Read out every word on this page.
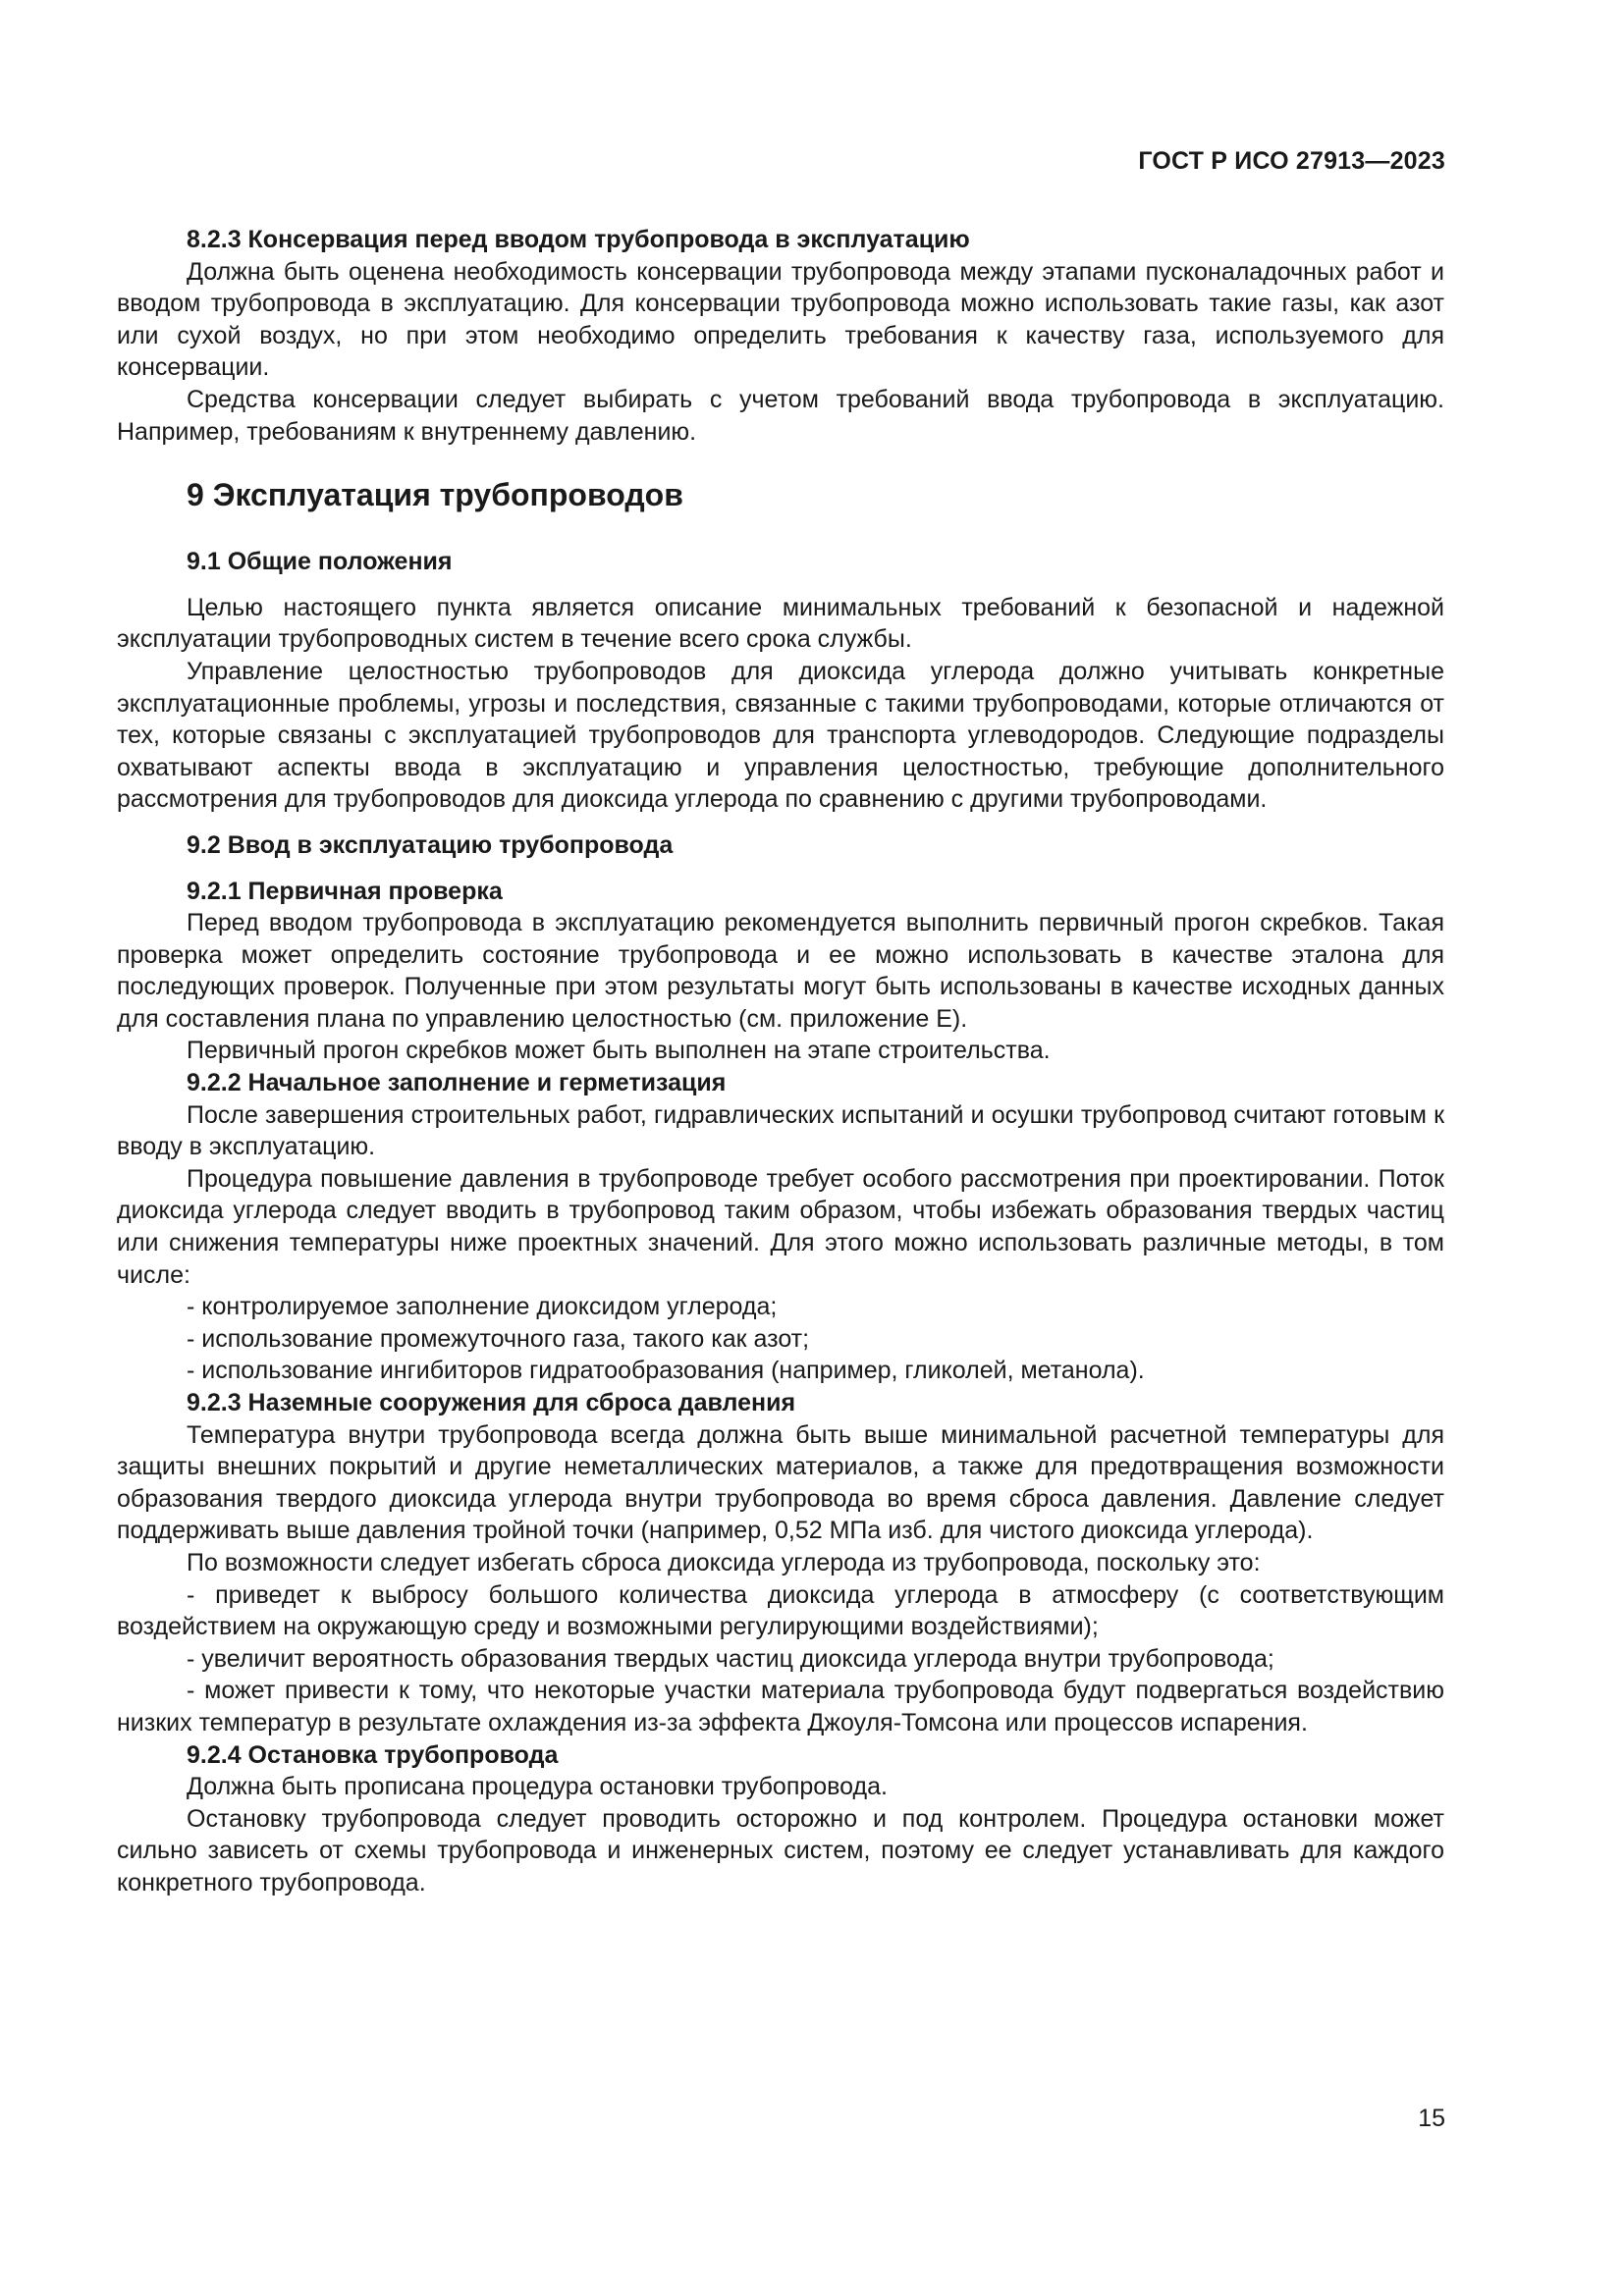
ГОСТ Р ИСО 27913—2023

8.2.3 Консервация перед вводом трубопровода в эксплуатацию

Должна быть оценена необходимость консервации трубопровода между этапами пусконаладочных работ и вводом трубопровода в эксплуатацию. Для консервации трубопровода можно использовать такие газы, как азот или сухой воздух, но при этом необходимо определить требования к качеству газа, используемого для консервации.

Средства консервации следует выбирать с учетом требований ввода трубопровода в эксплуатацию. Например, требованиям к внутреннему давлению.

9 Эксплуатация трубопроводов

9.1 Общие положения

Целью настоящего пункта является описание минимальных требований к безопасной и надежной эксплуатации трубопроводных систем в течение всего срока службы.

Управление целостностью трубопроводов для диоксида углерода должно учитывать конкретные эксплуатационные проблемы, угрозы и последствия, связанные с такими трубопроводами, которые отличаются от тех, которые связаны с эксплуатацией трубопроводов для транспорта углеводородов. Следующие подразделы охватывают аспекты ввода в эксплуатацию и управления целостностью, требующие дополнительного рассмотрения для трубопроводов для диоксида углерода по сравнению с другими трубопроводами.

9.2 Ввод в эксплуатацию трубопровода

9.2.1 Первичная проверка

Перед вводом трубопровода в эксплуатацию рекомендуется выполнить первичный прогон скребков. Такая проверка может определить состояние трубопровода и ее можно использовать в качестве эталона для последующих проверок. Полученные при этом результаты могут быть использованы в качестве исходных данных для составления плана по управлению целостностью (см. приложение Е).

Первичный прогон скребков может быть выполнен на этапе строительства.

9.2.2 Начальное заполнение и герметизация

После завершения строительных работ, гидравлических испытаний и осушки трубопровод считают готовым к вводу в эксплуатацию.

Процедура повышение давления в трубопроводе требует особого рассмотрения при проектировании. Поток диоксида углерода следует вводить в трубопровод таким образом, чтобы избежать образования твердых частиц или снижения температуры ниже проектных значений. Для этого можно использовать различные методы, в том числе:

- контролируемое заполнение диоксидом углерода;

- использование промежуточного газа, такого как азот;

- использование ингибиторов гидратообразования (например, гликолей, метанола).

9.2.3 Наземные сооружения для сброса давления

Температура внутри трубопровода всегда должна быть выше минимальной расчетной температуры для защиты внешних покрытий и другие неметаллических материалов, а также для предотвращения возможности образования твердого диоксида углерода внутри трубопровода во время сброса давления. Давление следует поддерживать выше давления тройной точки (например, 0,52 МПа изб. для чистого диоксида углерода).

По возможности следует избегать сброса диоксида углерода из трубопровода, поскольку это:

- приведет к выбросу большого количества диоксида углерода в атмосферу (с соответствующим воздействием на окружающую среду и возможными регулирующими воздействиями);

- увеличит вероятность образования твердых частиц диоксида углерода внутри трубопровода;

- может привести к тому, что некоторые участки материала трубопровода будут подвергаться воздействию низких температур в результате охлаждения из-за эффекта Джоуля-Томсона или процессов испарения.

9.2.4 Остановка трубопровода

Должна быть прописана процедура остановки трубопровода.

Остановку трубопровода следует проводить осторожно и под контролем. Процедура остановки может сильно зависеть от схемы трубопровода и инженерных систем, поэтому ее следует устанавливать для каждого конкретного трубопровода.

15
